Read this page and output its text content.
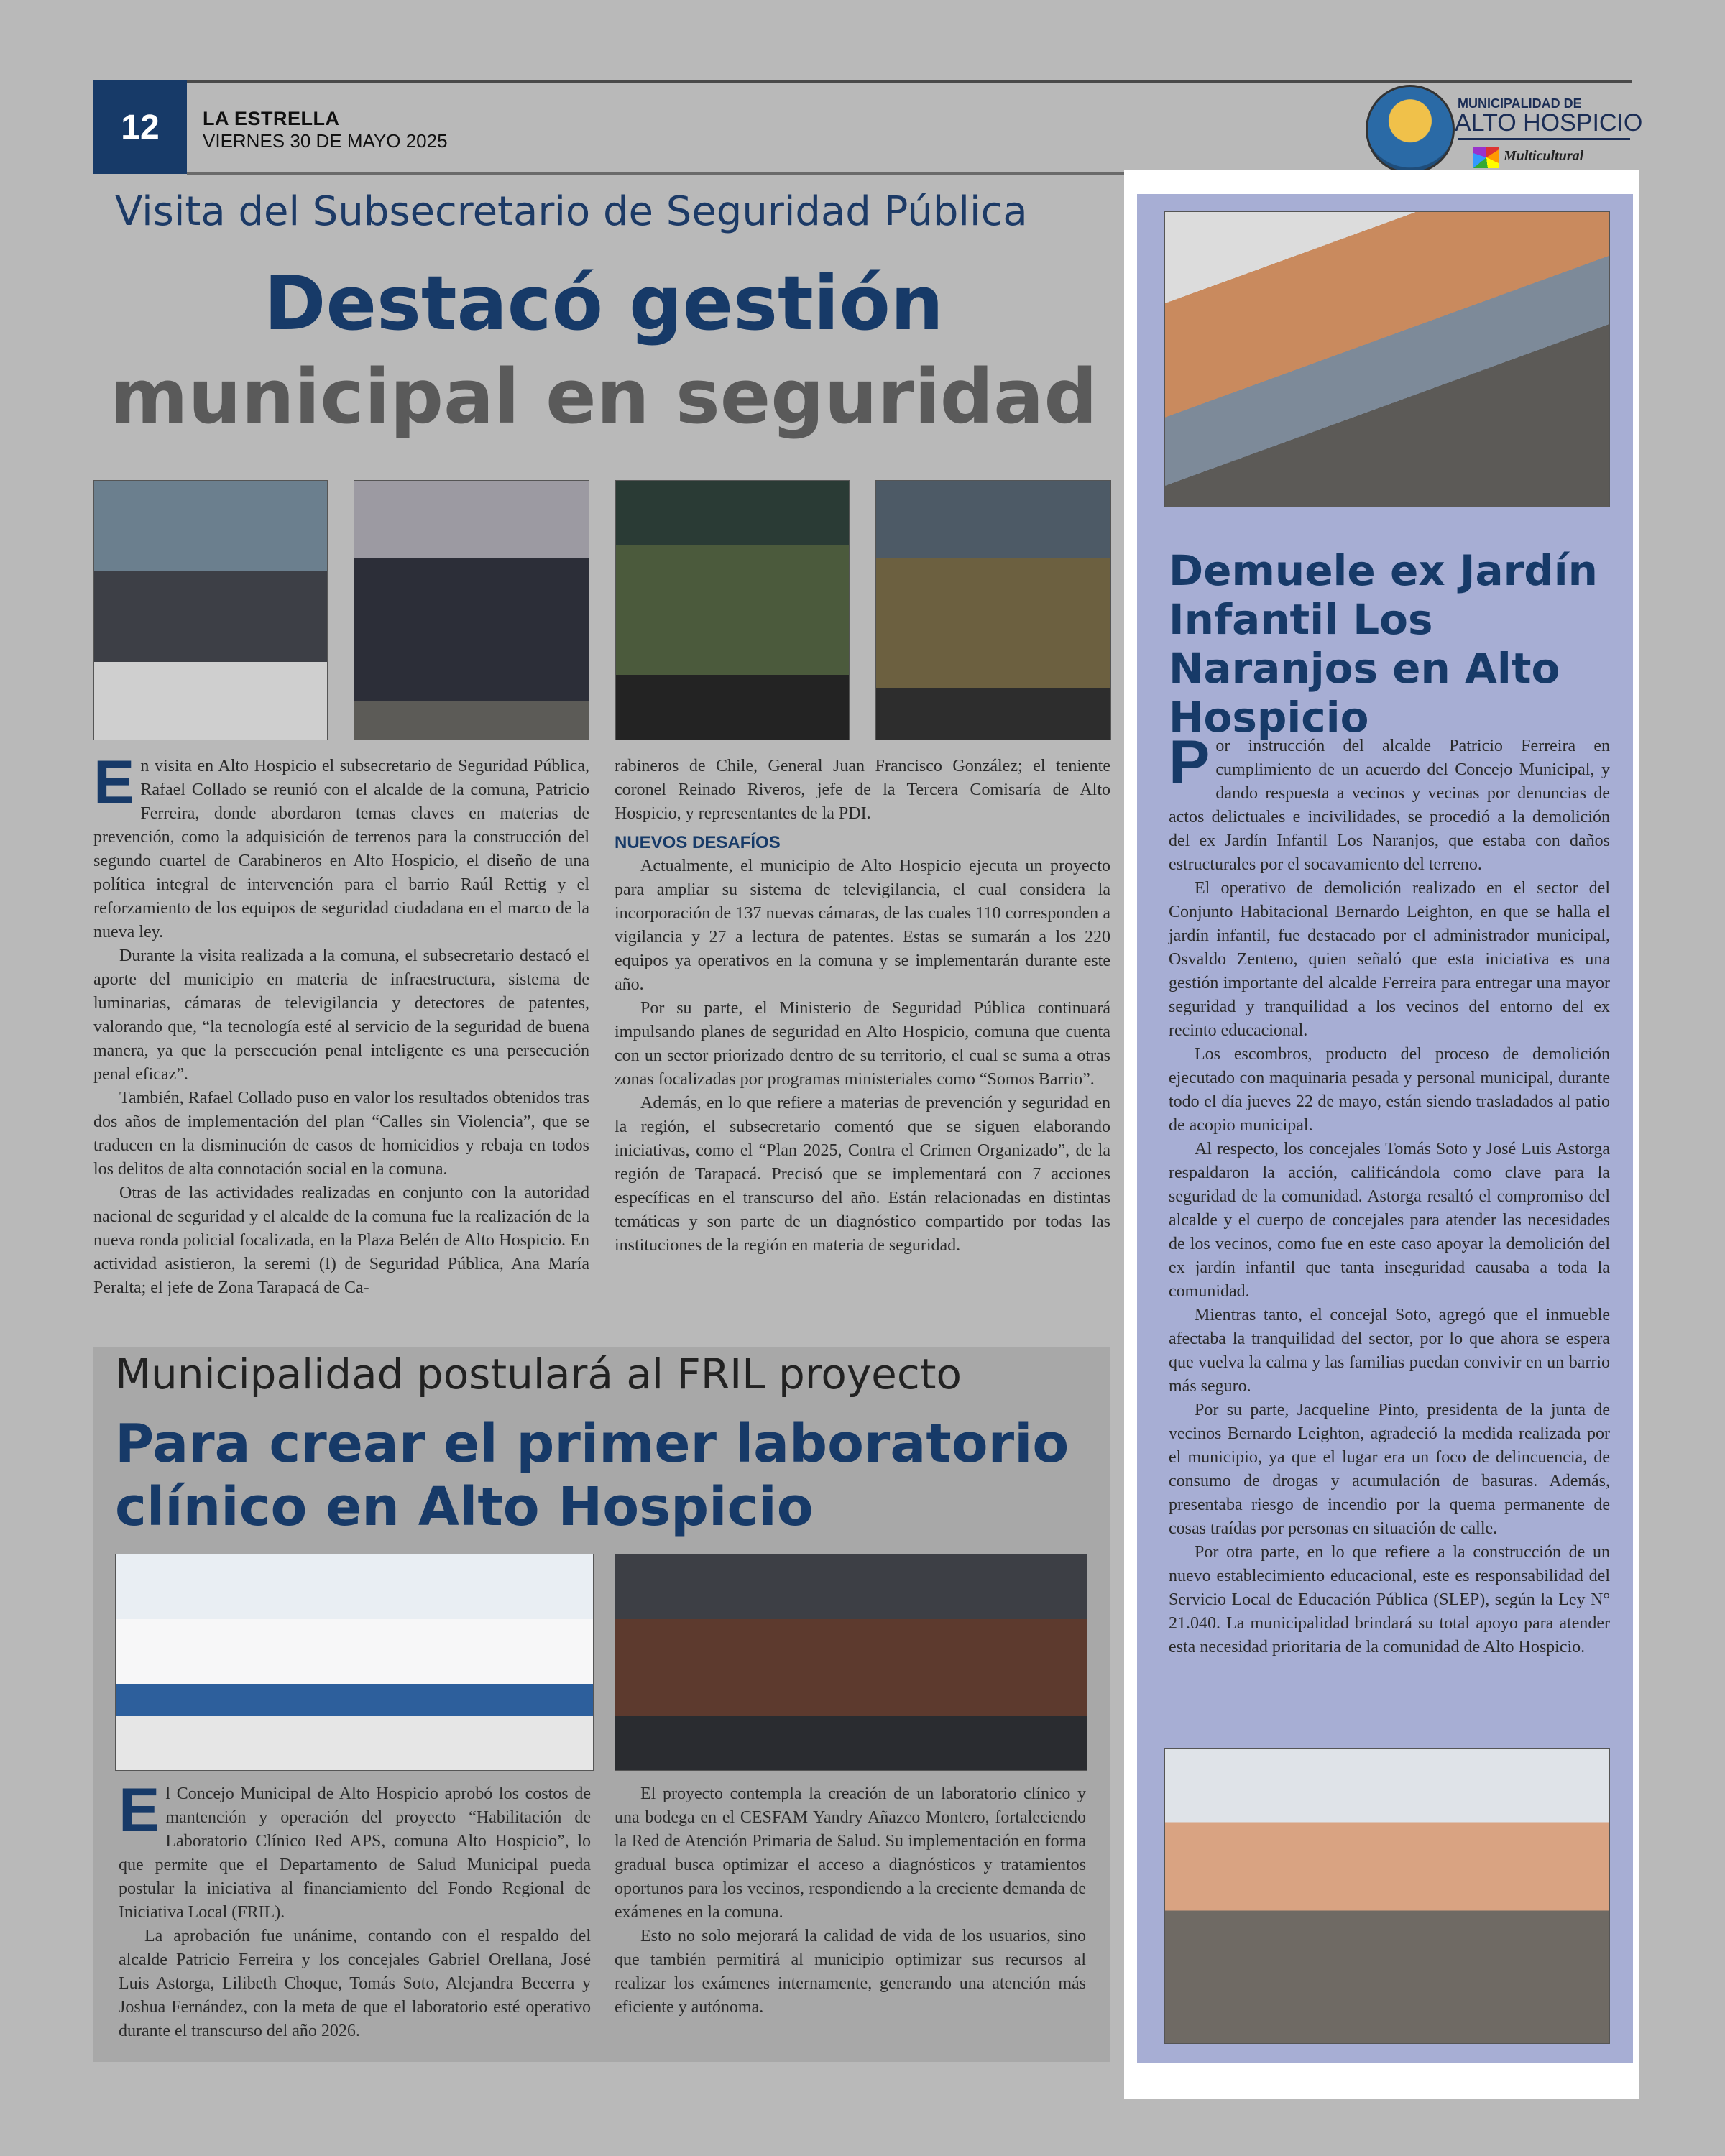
12	LA ESTRELLA
VIERNES 30 DE MAYO 2025
MUNICIPALIDAD DE
ALTO HOSPICIO
Multicultural
Visita del Subsecretario de Seguridad Pública
Destacó gestión
municipal en seguridad
E n visita en Alto Hospicio el subsecretario de Seguridad Pública, Rafael Collado se reunió con el alcalde de la comuna, Patricio Ferreira, donde abordaron temas claves en materias de prevención, como la adquisición de terrenos para la construcción del segundo cuartel de Carabineros en Alto Hospicio, el diseño de una política integral de intervención para el barrio Raúl Rettig y el reforzamiento de los equipos de seguridad ciudadana en el marco de la nueva ley.

Durante la visita realizada a la comuna, el subsecretario destacó el aporte del municipio en materia de infraestructura, sistema de luminarias, cámaras de televigilancia y detectores de patentes, valorando que, “la tecnología esté al servicio de la seguridad de buena manera, ya que la persecución penal inteligente es una persecución penal eficaz”.

También, Rafael Collado puso en valor los resultados obtenidos tras dos años de implementación del plan “Calles sin Violencia”, que se traducen en la disminución de casos de homicidios y rebaja en todos los delitos de alta connotación social en la comuna.

Otras de las actividades realizadas en conjunto con la autoridad nacional de seguridad y el alcalde de la comuna fue la realización de la nueva ronda policial focalizada, en la Plaza Belén de Alto Hospicio. En actividad asistieron, la seremi (I) de Seguridad Pública, Ana María Peralta; el jefe de Zona Tarapacá de Ca-

rabineros de Chile, General Juan Francisco González; el teniente coronel Reinado Riveros, jefe de la Tercera Comisaría de Alto Hospicio, y representantes de la PDI.

NUEVOS DESAFÍOS

Actualmente, el municipio de Alto Hospicio ejecuta un proyecto para ampliar su sistema de televigilancia, el cual considera la incorporación de 137 nuevas cámaras, de las cuales 110 corresponden a vigilancia y 27 a lectura de patentes. Estas se sumarán a los 220 equipos ya operativos en la comuna y se implementarán durante este año.

Por su parte, el Ministerio de Seguridad Pública continuará impulsando planes de seguridad en Alto Hospicio, comuna que cuenta con un sector priorizado dentro de su territorio, el cual se suma a otras zonas focalizadas por programas ministeriales como “Somos Barrio”.

Además, en lo que refiere a materias de prevención y seguridad en la región, el subsecretario comentó que se siguen elaborando iniciativas, como el “Plan 2025, Contra el Crimen Organizado”, de la región de Tarapacá. Precisó que se implementará con 7 acciones específicas en el transcurso del año. Están relacionadas en distintas temáticas y son parte de un diagnóstico compartido por todas las instituciones de la región en materia de seguridad.

Municipalidad postulará al FRIL proyecto
Para crear el primer laboratorio clínico en Alto Hospicio
E l Concejo Municipal de Alto Hospicio aprobó los costos de mantención y operación del proyecto “Habilitación de Laboratorio Clínico Red APS, comuna Alto Hospicio”, lo que permite que el Departamento de Salud Municipal pueda postular la iniciativa al financiamiento del Fondo Regional de Iniciativa Local (FRIL).

La aprobación fue unánime, contando con el respaldo del alcalde Patricio Ferreira y los concejales Gabriel Orellana, José Luis Astorga, Lilibeth Choque, Tomás Soto, Alejandra Becerra y Joshua Fernández, con la meta de que el laboratorio esté operativo durante el transcurso del año 2026.

El proyecto contempla la creación de un laboratorio clínico y una bodega en el CESFAM Yandry Añazco Montero, fortaleciendo la Red de Atención Primaria de Salud. Su implementación en forma gradual busca optimizar el acceso a diagnósticos y tratamientos oportunos para los vecinos, respondiendo a la creciente demanda de exámenes en la comuna.

Esto no solo mejorará la calidad de vida de los usuarios, sino que también permitirá al municipio optimizar sus recursos al realizar los exámenes internamente, generando una atención más eficiente y autónoma.

Demuele ex Jardín Infantil Los Naranjos en Alto Hospicio
P or instrucción del alcalde Patricio Ferreira en cumplimiento de un acuerdo del Concejo Municipal, y dando respuesta a vecinos y vecinas por denuncias de actos delictuales e incivilidades, se procedió a la demolición del ex Jardín Infantil Los Naranjos, que estaba con daños estructurales por el socavamiento del terreno.

El operativo de demolición realizado en el sector del Conjunto Habitacional Bernardo Leighton, en que se halla el jardín infantil, fue destacado por el administrador municipal, Osvaldo Zenteno, quien señaló que esta iniciativa es una gestión importante del alcalde Ferreira para entregar una mayor seguridad y tranquilidad a los vecinos del entorno del ex recinto educacional.

Los escombros, producto del proceso de demolición ejecutado con maquinaria pesada y personal municipal, durante todo el día jueves 22 de mayo, están siendo trasladados al patio de acopio municipal.

Al respecto, los concejales Tomás Soto y José Luis Astorga respaldaron la acción, calificándola como clave para la seguridad de la comunidad. Astorga resaltó el compromiso del alcalde y el cuerpo de concejales para atender las necesidades de los vecinos, como fue en este caso apoyar la demolición del ex jardín infantil que tanta inseguridad causaba a toda la comunidad.

Mientras tanto, el concejal Soto, agregó que el inmueble afectaba la tranquilidad del sector, por lo que ahora se espera que vuelva la calma y las familias puedan convivir en un barrio más seguro.

Por su parte, Jacqueline Pinto, presidenta de la junta de vecinos Bernardo Leighton, agradeció la medida realizada por el municipio, ya que el lugar era un foco de delincuencia, de consumo de drogas y acumulación de basuras. Además, presentaba riesgo de incendio por la quema permanente de cosas traídas por personas en situación de calle.

Por otra parte, en lo que refiere a la construcción de un nuevo establecimiento educacional, este es responsabilidad del Servicio Local de Educación Pública (SLEP), según la Ley N° 21.040. La municipalidad brindará su total apoyo para atender esta necesidad prioritaria de la comunidad de Alto Hospicio.
